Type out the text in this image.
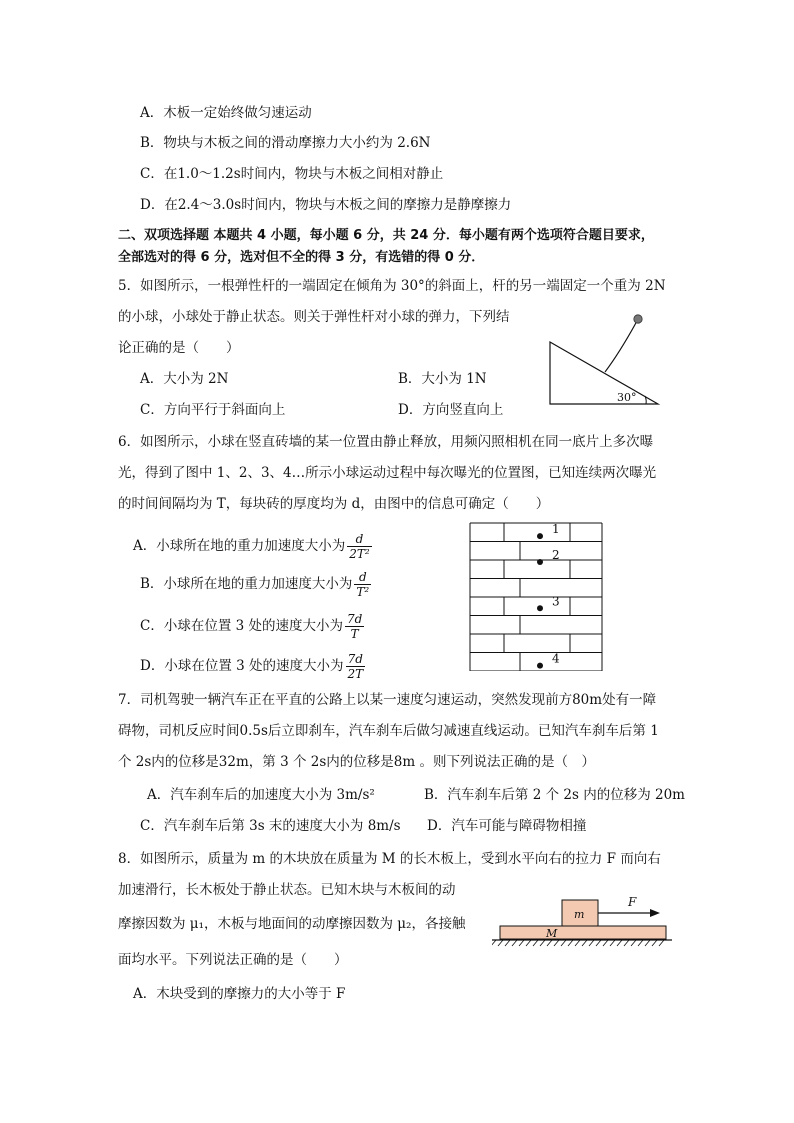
A．木板一定始终做匀速运动
B．物块与木板之间的滑动摩擦力大小约为 2.6N
C．在1.0～1.2s时间内，物块与木板之间相对静止
D．在2.4～3.0s时间内，物块与木板之间的摩擦力是静摩擦力
二、双项选择题 本题共 4 小题，每小题 6 分，共 24 分．每小题有两个选项符合题目要求，
全部选对的得 6 分，选对但不全的得 3 分，有选错的得 0 分．
5．如图所示，一根弹性杆的一端固定在倾角为 30°的斜面上，杆的另一端固定一个重为 2N
的小球，小球处于静止状态。则关于弹性杆对小球的弹力，下列结
论正确的是（　　）
A．大小为 2N	B．大小为 1N
C．方向平行于斜面向上	D．方向竖直向上
30°
6．如图所示，小球在竖直砖墙的某一位置由静止释放，用频闪照相机在同一底片上多次曝
光，得到了图中 1、2、3、4…所示小球运动过程中每次曝光的位置图，已知连续两次曝光
的时间间隔均为 T，每块砖的厚度均为 d，由图中的信息可确定（　　）
A．小球所在地的重力加速度大小为 $\frac{d}{\text{2T²}}$
B．小球所在地的重力加速度大小为 $\frac{d}{\text{T²}}$
C．小球在位置 3 处的速度大小为 $\frac{7d}{T}$
D．小球在位置 3 处的速度大小为 $\frac{7d}{2T}$
1
2
3
4
7．司机驾驶一辆汽车正在平直的公路上以某一速度匀速运动，突然发现前方80m处有一障
碍物，司机反应时间0.5s后立即刹车，汽车刹车后做匀减速直线运动。已知汽车刹车后第 1
个 2s内的位移是32m，第 3 个 2s内的位移是8m 。则下列说法正确的是（　）
A．汽车刹车后的加速度大小为 3m/s²	B．汽车刹车后第 2 个 2s 内的位移为 20m
C．汽车刹车后第 3s 末的速度大小为 8m/s D．汽车可能与障碍物相撞
8．如图所示，质量为 m 的木块放在质量为 M 的长木板上，受到水平向右的拉力 F 而向右
加速滑行，长木板处于静止状态。已知木块与木板间的动
摩擦因数为 μ₁，木板与地面间的动摩擦因数为 μ₂，各接触
面均水平。下列说法正确的是（　　）
A．木块受到的摩擦力的大小等于 F
m
M
F
